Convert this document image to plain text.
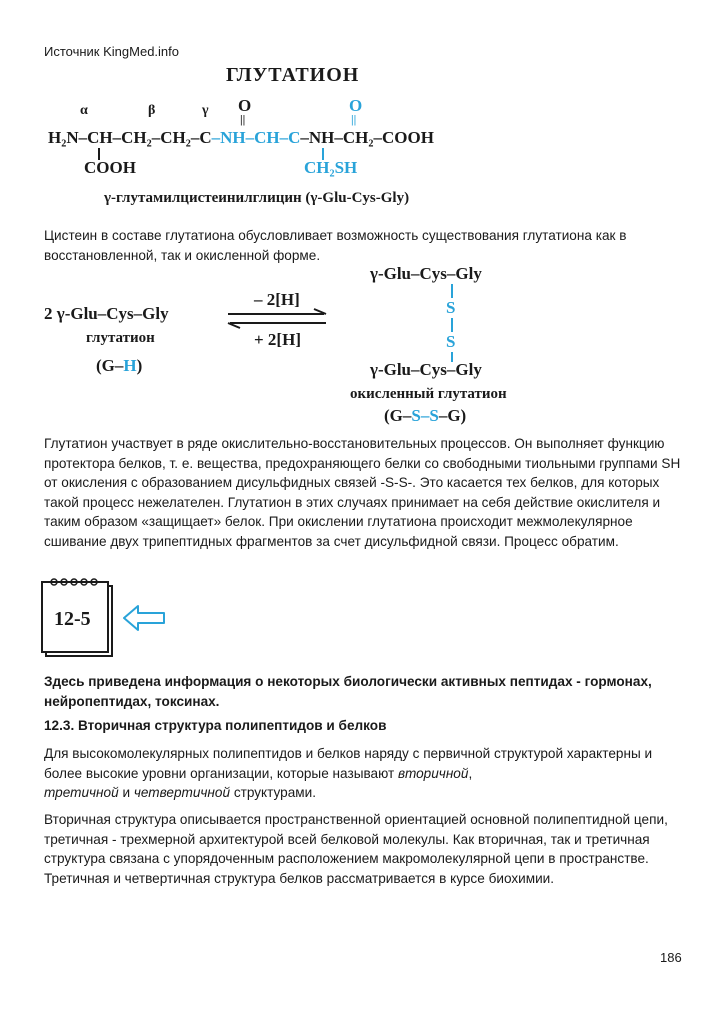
Источник KingMed.info
ГЛУТАТИОН
α	β	γ O
||
O
||
H₂N–CH–CH₂–CH₂–C–NH–CH–C–NH–CH₂–COOH
COOH	CH₂SH
γ-глутамилцистеинилглицин (γ-Glu-Cys-Gly)
Цистеин в составе глутатиона обусловливает возможность существования глутатиона как в восстановленной, так и окисленной форме.
2 γ-Glu–Cys–Gly
глутатион
(G–H)
– 2[H]
+ 2[H]
γ-Glu–Cys–Gly
S
S
γ-Glu–Cys–Gly
окисленный глутатион
(G–S–S–G)
Глутатион участвует в ряде окислительно-восстановительных процессов. Он выполняет функцию протектора белков, т. е. вещества, предохраняющего белки со свободными тиольными группами SH от окисления с образованием дисульфидных связей -S-S-. Это касается тех белков, для которых такой процесс нежелателен. Глутатион в этих случаях принимает на себя действие окислителя и таким образом «защищает» белок. При окислении глутатиона происходит межмолекулярное сшивание двух трипептидных фрагментов за счет дисульфидной связи. Процесс обратим.
12-5
Здесь приведена информация о некоторых биологически активных пептидах - гормонах, нейропептидах, токсинах.
12.3. Вторичная структура полипептидов и белков
Для высокомолекулярных полипептидов и белков наряду с первичной структурой характерны и более высокие уровни организации, которые называют вторичной,
третичной и четвертичной структурами.
Вторичная структура описывается пространственной ориентацией основной полипептидной цепи, третичная - трехмерной архитектурой всей белковой молекулы. Как вторичная, так и третичная структура связана с упорядоченным расположением макромолекулярной цепи в пространстве. Третичная и четвертичная структура белков рассматривается в курсе биохимии.
186
